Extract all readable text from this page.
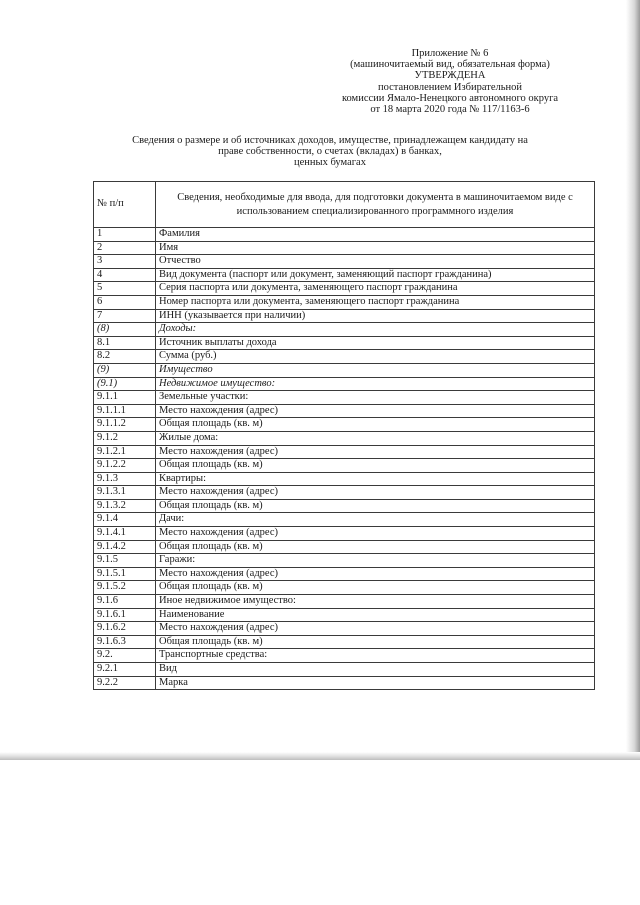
Приложение № 6
(машиночитаемый вид, обязательная форма)
УТВЕРЖДЕНА
постановлением Избирательной
комиссии Ямало-Ненецкого автономного округа
от 18 марта 2020 года № 117/1163-6
Сведения о размере и об источниках доходов, имуществе, принадлежащем кандидату на
праве собственности, о счетах (вкладах) в банках,
ценных бумагах
№ п/п	Сведения, необходимые для ввода, для подготовки документа в машиночитаемом виде с использованием специализированного программного изделия
1	Фамилия
2	Имя
3	Отчество
4	Вид документа (паспорт или документ, заменяющий паспорт гражданина)
5	Серия паспорта или документа, заменяющего паспорт гражданина
6	Номер паспорта или документа, заменяющего паспорт гражданина
7	ИНН (указывается при наличии)
(8)	Доходы:
8.1	Источник выплаты дохода
8.2	Сумма (руб.)
(9)	Имущество
(9.1)	Недвижимое имущество:
9.1.1	Земельные участки:
9.1.1.1	Место нахождения (адрес)
9.1.1.2	Общая площадь (кв. м)
9.1.2	Жилые дома:
9.1.2.1	Место нахождения (адрес)
9.1.2.2	Общая площадь (кв. м)
9.1.3	Квартиры:
9.1.3.1	Место нахождения (адрес)
9.1.3.2	Общая площадь (кв. м)
9.1.4	Дачи:
9.1.4.1	Место нахождения (адрес)
9.1.4.2	Общая площадь (кв. м)
9.1.5	Гаражи:
9.1.5.1	Место нахождения (адрес)
9.1.5.2	Общая площадь (кв. м)
9.1.6	Иное недвижимое имущество:
9.1.6.1	Наименование
9.1.6.2	Место нахождения (адрес)
9.1.6.3	Общая площадь (кв. м)
9.2.	Транспортные средства:
9.2.1	Вид
9.2.2	Марка
